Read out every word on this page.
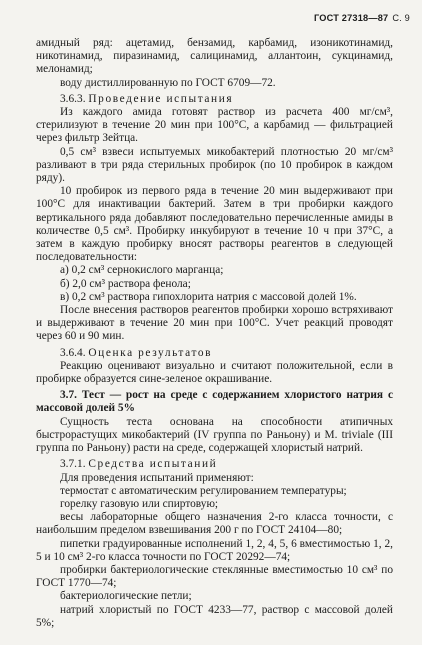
ГОСТ 27318—87 С. 9

амидный ряд: ацетамид, бензамид, карбамид, изоникотинамид, никотинамид, пиразинамид, салицинамид, аллантоин, сукцинамид, мелонамид;

воду дистиллированную по ГОСТ 6709—72.

3.6.3. Проведение испытания

Из каждого амида готовят раствор из расчета 400 мг/см³, стерилизуют в течение 20 мин при 100°С, а карбамид — фильтрацией через фильтр Зейтца.

0,5 см³ взвеси испытуемых микобактерий плотностью 20 мг/см³ разливают в три ряда стерильных пробирок (по 10 пробирок в каждом ряду).

10 пробирок из первого ряда в течение 20 мин выдерживают при 100°С для инактивации бактерий. Затем в три пробирки каждого вертикального ряда добавляют последовательно перечисленные амиды в количестве 0,5 см³. Пробирку инкубируют в течение 10 ч при 37°С, а затем в каждую пробирку вносят растворы реагентов в следующей последовательности:

а) 0,2 см³ сернокислого марганца;

б) 2,0 см³ раствора фенола;

в) 0,2 см³ раствора гипохлорита натрия с массовой долей 1%.

После внесения растворов реагентов пробирки хорошо встряхивают и выдерживают в течение 20 мин при 100°С. Учет реакций проводят через 60 и 90 мин.

3.6.4. Оценка результатов

Реакцию оценивают визуально и считают положительной, если в пробирке образуется сине-зеленое окрашивание.

3.7. Тест — рост на среде с содержанием хлористого натрия с массовой долей 5%

Сущность теста основана на способности атипичных быстрорастущих микобактерий (IV группа по Раньону) и M. triviale (III группа по Раньону) расти на среде, содержащей хлористый натрий.

3.7.1. Средства испытаний

Для проведения испытаний применяют:

термостат с автоматическим регулированием температуры;

горелку газовую или спиртовую;

весы лабораторные общего назначения 2-го класса точности, с наибольшим пределом взвешивания 200 г по ГОСТ 24104—80;

пипетки градуированные исполнений 1, 2, 4, 5, 6 вместимостью 1, 2, 5 и 10 см³ 2-го класса точности по ГОСТ 20292—74;

пробирки бактериологические стеклянные вместимостью 10 см³ по ГОСТ 1770—74;

бактериологические петли;

натрий хлористый по ГОСТ 4233—77, раствор с массовой долей 5%;
